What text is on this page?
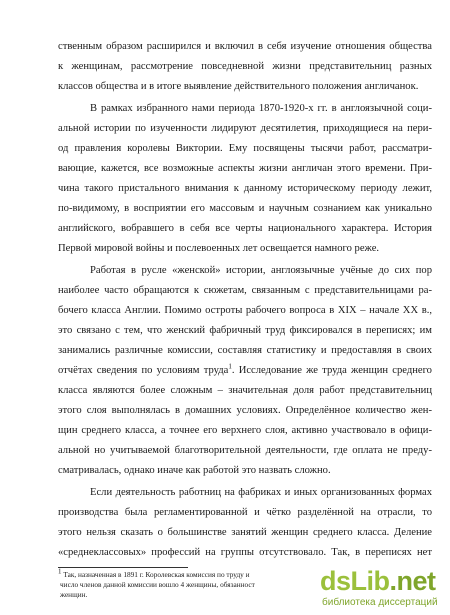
ственным образом расширился и включил в себя изучение отношения общества
к женщинам, рассмотрение повседневной жизни представительниц разных
классов общества и в итоге выявление действительного положения англичанок.
В рамках избранного нами периода 1870-1920-х гг. в англоязычной соци-
альной истории по изученности лидируют десятилетия, приходящиеся на пери-
од правления королевы Виктории. Ему посвящены тысячи работ, рассматри-
вающие, кажется, все возможные аспекты жизни англичан этого времени. При-
чина такого пристального внимания к данному историческому периоду лежит,
по-видимому, в восприятии его массовым и научным сознанием как уникально
английского, вобравшего в себя все черты национального характера. История
Первой мировой войны и послевоенных лет освещается намного реже.
Работая в русле «женской» истории, англоязычные учёные до сих пор
наиболее часто обращаются к сюжетам, связанным с представительницами ра-
бочего класса Англии. Помимо остроты рабочего вопроса в XIX – начале XX в.,
это связано с тем, что женский фабричный труд фиксировался в переписях; им
занимались различные комиссии, составляя статистику и предоставляя в своих
отчётах сведения по условиям труда$^1$. Исследование же труда женщин среднего
класса являются более сложным – значительная доля работ представительниц
этого слоя выполнялась в домашних условиях. Определённое количество жен-
щин среднего класса, а точнее его верхнего слоя, активно участвовало в офици-
альной но учитываемой благотворительной деятельности, где оплата не преду-
сматривалась, однако иначе как работой это назвать сложно.
Если деятельность работниц на фабриках и иных организованных формах
производства была регламентированной и чётко разделённой на отрасли, то
этого нельзя сказать о большинстве занятий женщин среднего класса. Деление
«среднеклассовых» профессий на группы отсутствовало. Так, в переписях нет
$^1$ Так, назначенная в 1891 г. Королевская комиссия по труду и
число членов данной комиссии вошло 4 женщины, обязанност
женщин.	dsLib.net
библиотека диссертаций
